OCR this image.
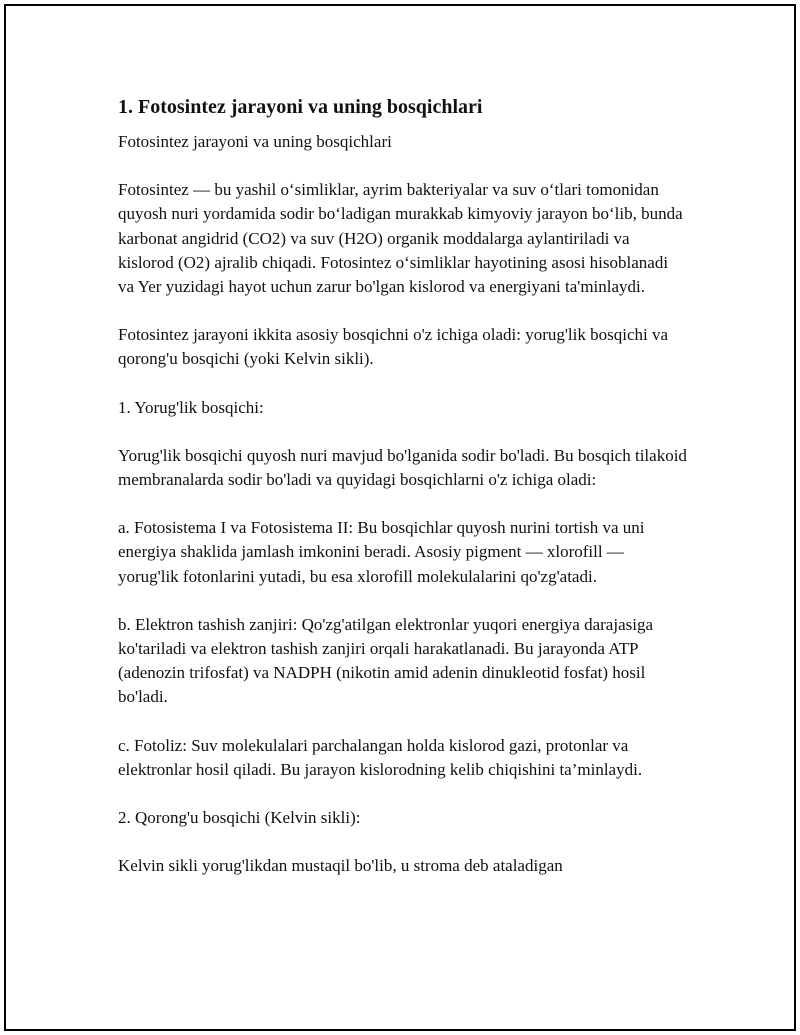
1. Fotosintez jarayoni va uning bosqichlari

Fotosintez jarayoni va uning bosqichlari

Fotosintez — bu yashil o‘simliklar, ayrim bakteriyalar va suv o‘tlari tomonidan quyosh nuri yordamida sodir bo‘ladigan murakkab kimyoviy jarayon bo‘lib, bunda karbonat angidrid (CO2) va suv (H2O) organik moddalarga aylantiriladi va kislorod (O2) ajralib chiqadi. Fotosintez o‘simliklar hayotining asosi hisoblanadi va Yer yuzidagi hayot uchun zarur bo'lgan kislorod va energiyani ta'minlaydi.

Fotosintez jarayoni ikkita asosiy bosqichni o'z ichiga oladi: yorug'lik bosqichi va qorong'u bosqichi (yoki Kelvin sikli).

1. Yorug'lik bosqichi:

Yorug'lik bosqichi quyosh nuri mavjud bo'lganida sodir bo'ladi. Bu bosqich tilakoid membranalarda sodir bo'ladi va quyidagi bosqichlarni o'z ichiga oladi:

a. Fotosistema I va Fotosistema II: Bu bosqichlar quyosh nurini tortish va uni energiya shaklida jamlash imkonini beradi. Asosiy pigment — xlorofill — yorug'lik fotonlarini yutadi, bu esa xlorofill molekulalarini qo'zg'atadi.

b. Elektron tashish zanjiri: Qo'zg'atilgan elektronlar yuqori energiya darajasiga ko'tariladi va elektron tashish zanjiri orqali harakatlanadi. Bu jarayonda ATP (adenozin trifosfat) va NADPH (nikotin amid adenin dinukleotid fosfat) hosil bo'ladi.

c. Fotoliz: Suv molekulalari parchalangan holda kislorod gazi, protonlar va elektronlar hosil qiladi. Bu jarayon kislorodning kelib chiqishini ta’minlaydi.

2. Qorong'u bosqichi (Kelvin sikli):

Kelvin sikli yorug'likdan mustaqil bo'lib, u stroma deb ataladigan
